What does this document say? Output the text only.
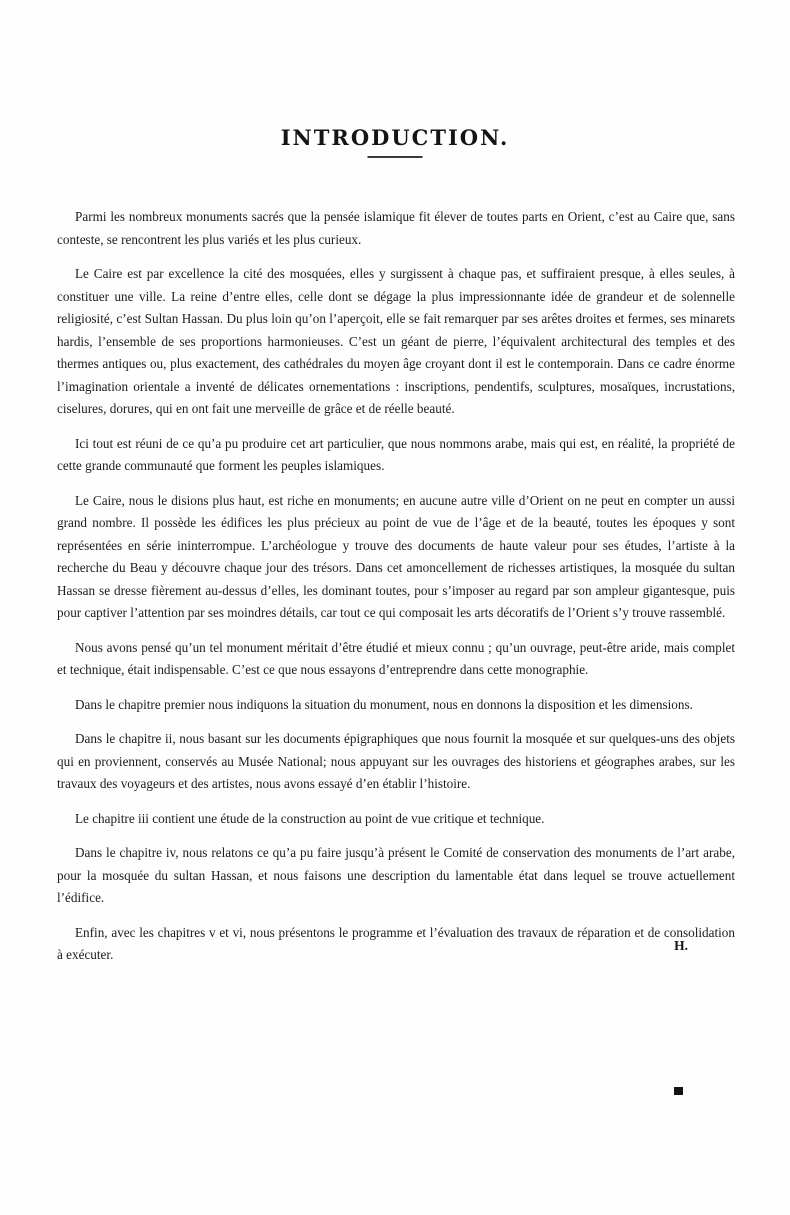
INTRODUCTION.

Parmi les nombreux monuments sacrés que la pensée islamique fit élever de toutes parts en Orient, c’est au Caire que, sans conteste, se rencontrent les plus variés et les plus curieux.

Le Caire est par excellence la cité des mosquées, elles y surgissent à chaque pas, et suffiraient presque, à elles seules, à constituer une ville. La reine d’entre elles, celle dont se dégage la plus impressionnante idée de grandeur et de solennelle religiosité, c’est Sultan Hassan. Du plus loin qu’on l’aperçoit, elle se fait remarquer par ses arêtes droites et fermes, ses minarets hardis, l’ensemble de ses proportions harmonieuses. C’est un géant de pierre, l’équivalent architectural des temples et des thermes antiques ou, plus exactement, des cathédrales du moyen âge croyant dont il est le contemporain. Dans ce cadre énorme l’imagination orientale a inventé de délicates ornementations : inscriptions, pendentifs, sculptures, mosaïques, incrustations, ciselures, dorures, qui en ont fait une merveille de grâce et de réelle beauté.

Ici tout est réuni de ce qu’a pu produire cet art particulier, que nous nommons arabe, mais qui est, en réalité, la propriété de cette grande communauté que forment les peuples islamiques.

Le Caire, nous le disions plus haut, est riche en monuments; en aucune autre ville d’Orient on ne peut en compter un aussi grand nombre. Il possède les édifices les plus précieux au point de vue de l’âge et de la beauté, toutes les époques y sont représentées en série ininterrompue. L’archéologue y trouve des documents de haute valeur pour ses études, l’artiste à la recherche du Beau y découvre chaque jour des trésors. Dans cet amoncellement de richesses artistiques, la mosquée du sultan Hassan se dresse fièrement au-dessus d’elles, les dominant toutes, pour s’imposer au regard par son ampleur gigantesque, puis pour captiver l’attention par ses moindres détails, car tout ce qui composait les arts décoratifs de l’Orient s’y trouve rassemblé.

Nous avons pensé qu’un tel monument méritait d’être étudié et mieux connu ; qu’un ouvrage, peut-être aride, mais complet et technique, était indispensable. C’est ce que nous essayons d’entreprendre dans cette monographie.

Dans le chapitre premier nous indiquons la situation du monument, nous en donnons la disposition et les dimensions.

Dans le chapitre ii, nous basant sur les documents épigraphiques que nous fournit la mosquée et sur quelques-uns des objets qui en proviennent, conservés au Musée National; nous appuyant sur les ouvrages des historiens et géographes arabes, sur les travaux des voyageurs et des artistes, nous avons essayé d’en établir l’histoire.

Le chapitre iii contient une étude de la construction au point de vue critique et technique.

Dans le chapitre iv, nous relatons ce qu’a pu faire jusqu’à présent le Comité de conservation des monuments de l’art arabe, pour la mosquée du sultan Hassan, et nous faisons une description du lamentable état dans lequel se trouve actuellement l’édifice.

Enfin, avec les chapitres v et vi, nous présentons le programme et l’évaluation des travaux de réparation et de consolidation à exécuter.

H.
